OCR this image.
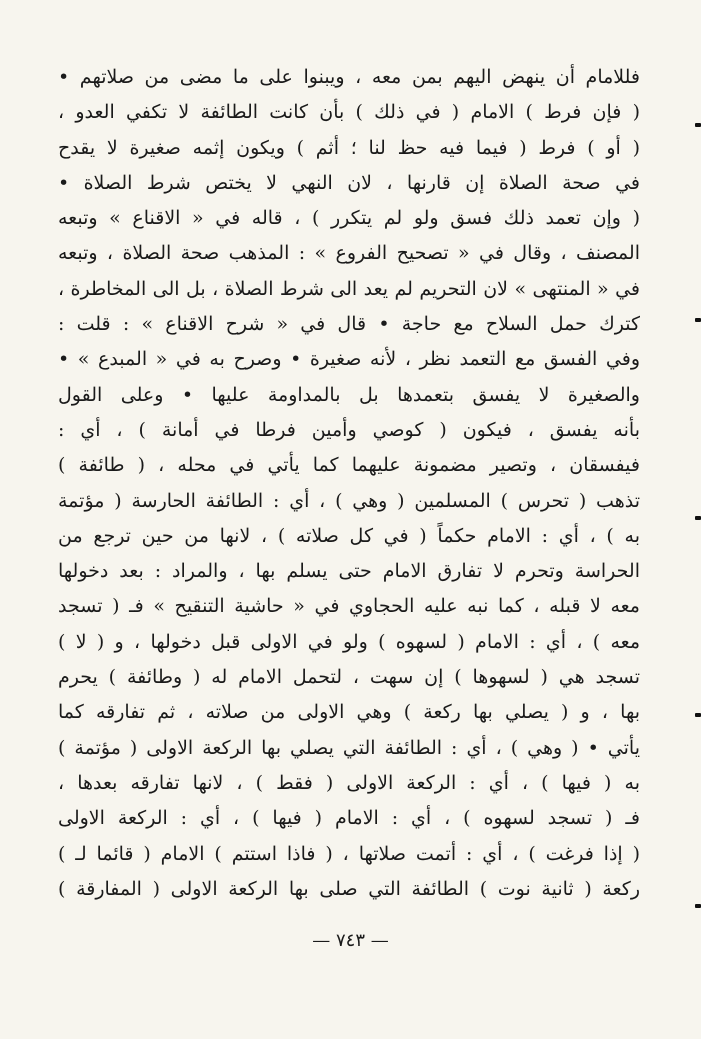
فللامام أن ينهض اليهم بمن معه ، ويبنوا على ما مضى من صلاتهم •
( فإن فرط ) الامام ( في ذلك ) بأن كانت الطائفة لا تكفي العدو ،
( أو ) فرط ( فيما فيه حظ لنا ؛ أثم ) ويكون إثمه صغيرة لا يقدح
في صحة الصلاة إن قارنها ، لان النهي لا يختص شرط الصلاة •
( وإن تعمد ذلك فسق ولو لم يتكرر ) ، قاله في « الاقناع » وتبعه
المصنف ، وقال في « تصحيح الفروع » : المذهب صحة الصلاة ، وتبعه
في « المنتهى » لان التحريم لم يعد الى شرط الصلاة ، بل الى المخاطرة ،
كترك حمل السلاح مع حاجة • قال في « شرح الاقناع » : قلت :
وفي الفسق مع التعمد نظر ، لأنه صغيرة • وصرح به في « المبدع » •
والصغيرة لا يفسق بتعمدها بل بالمداومة عليها • وعلى القول
بأنه يفسق ، فيكون ( كوصي وأمين فرطا في أمانة ) ، أي :
فيفسقان ، وتصير مضمونة عليهما كما يأتي في محله ، ( طائفة )
تذهب ( تحرس ) المسلمين ( وهي ) ، أي : الطائفة الحارسة ( مؤتمة
به ) ، أي : الامام حكماً ( في كل صلاته ) ، لانها من حين ترجع من
الحراسة وتحرم لا تفارق الامام حتى يسلم بها ، والمراد : بعد دخولها
معه لا قبله ، كما نبه عليه الحجاوي في « حاشية التنقيح » فـ ( تسجد
معه ) ، أي : الامام ( لسهوه ) ولو في الاولى قبل دخولها ، و ( لا )
تسجد هي ( لسهوها ) إن سهت ، لتحمل الامام له ( وطائفة ) يحرم
بها ، و ( يصلي بها ركعة ) وهي الاولى من صلاته ، ثم تفارقه كما
يأتي • ( وهي ) ، أي : الطائفة التي يصلي بها الركعة الاولى ( مؤتمة )
به ( فيها ) ، أي : الركعة الاولى ( فقط ) ، لانها تفارقه بعدها ،
فـ ( تسجد لسهوه ) ، أي : الامام ( فيها ) ، أي : الركعة الاولى
( إذا فرغت ) ، أي : أتمت صلاتها ، ( فاذا استتم ) الامام ( قائما لـ )
ركعة ( ثانية نوت ) الطائفة التي صلى بها الركعة الاولى ( المفارقة )
— ٧٤٣ —
